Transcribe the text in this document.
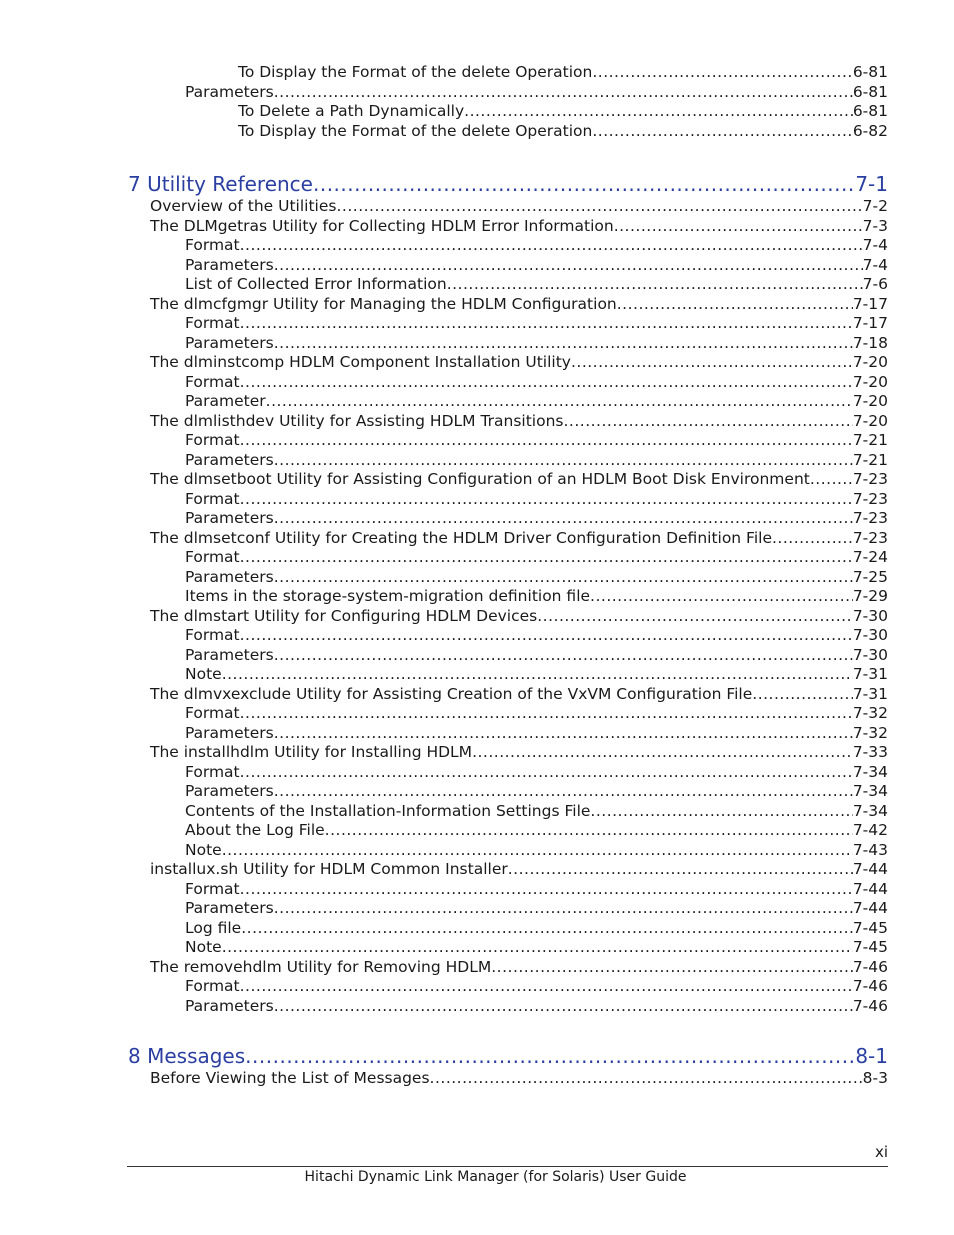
To Display the Format of the delete Operation .....	6-81
Parameters .....	6-81
To Delete a Path Dynamically .....	6-81
To Display the Format of the delete Operation .....	6-82
7 Utility Reference .....	7-1
Overview of the Utilities .....	7-2
The DLMgetras Utility for Collecting HDLM Error Information .....	7-3
Format .....	7-4
Parameters .....	7-4
List of Collected Error Information .....	7-6
The dlmcfgmgr Utility for Managing the HDLM Configuration .....	7-17
Format .....	7-17
Parameters .....	7-18
The dlminstcomp HDLM Component Installation Utility .....	7-20
Format .....	7-20
Parameter .....	7-20
The dlmlisthdev Utility for Assisting HDLM Transitions .....	7-20
Format .....	7-21
Parameters .....	7-21
The dlmsetboot Utility for Assisting Configuration of an HDLM Boot Disk Environment .....	7-23
Format .....	7-23
Parameters .....	7-23
The dlmsetconf Utility for Creating the HDLM Driver Configuration Definition File .....	7-23
Format .....	7-24
Parameters .....	7-25
Items in the storage-system-migration definition file .....	7-29
The dlmstart Utility for Configuring HDLM Devices .....	7-30
Format .....	7-30
Parameters .....	7-30
Note .....	7-31
The dlmvxexclude Utility for Assisting Creation of the VxVM Configuration File .....	7-31
Format .....	7-32
Parameters .....	7-32
The installhdlm Utility for Installing HDLM .....	7-33
Format .....	7-34
Parameters .....	7-34
Contents of the Installation-Information Settings File .....	7-34
About the Log File .....	7-42
Note .....	7-43
installux.sh Utility for HDLM Common Installer .....	7-44
Format .....	7-44
Parameters .....	7-44
Log file .....	7-45
Note .....	7-45
The removehdlm Utility for Removing HDLM .....	7-46
Format .....	7-46
Parameters .....	7-46
8 Messages .....	8-1
Before Viewing the List of Messages .....	8-3
xi
Hitachi Dynamic Link Manager (for Solaris) User Guide
